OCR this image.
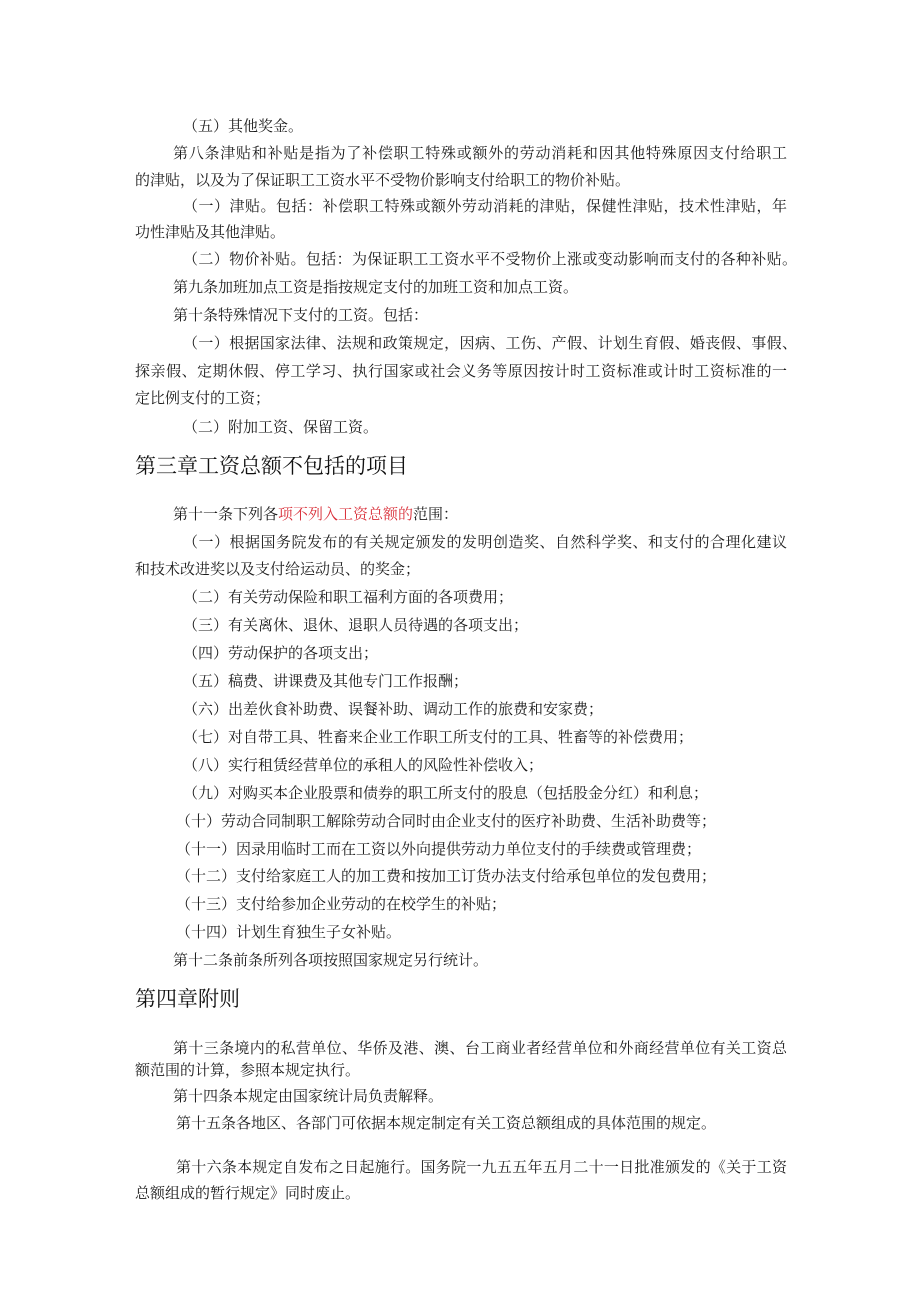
（五）其他奖金。
第八条津贴和补贴是指为了补偿职工特殊或额外的劳动消耗和因其他特殊原因支付给职工
的津贴，以及为了保证职工工资水平不受物价影响支付给职工的物价补贴。
（一）津贴。包括：补偿职工特殊或额外劳动消耗的津贴，保健性津贴，技术性津贴，年
功性津贴及其他津贴。
（二）物价补贴。包括：为保证职工工资水平不受物价上涨或变动影响而支付的各种补贴。
第九条加班加点工资是指按规定支付的加班工资和加点工资。
第十条特殊情况下支付的工资。包括：
（一）根据国家法律、法规和政策规定，因病、工伤、产假、计划生育假、婚丧假、事假、
探亲假、定期休假、停工学习、执行国家或社会义务等原因按计时工资标准或计时工资标准的一
定比例支付的工资；
（二）附加工资、保留工资。
第三章工资总额不包括的项目
第十一条下列各项不列入工资总额的范围：
（一）根据国务院发布的有关规定颁发的发明创造奖、自然科学奖、和支付的合理化建议
和技术改进奖以及支付给运动员、的奖金；
（二）有关劳动保险和职工福利方面的各项费用；
（三）有关离休、退休、退职人员待遇的各项支出；
（四）劳动保护的各项支出；
（五）稿费、讲课费及其他专门工作报酬；
（六）出差伙食补助费、误餐补助、调动工作的旅费和安家费；
（七）对自带工具、牲畜来企业工作职工所支付的工具、牲畜等的补偿费用；
（八）实行租赁经营单位的承租人的风险性补偿收入；
（九）对购买本企业股票和债券的职工所支付的股息（包括股金分红）和利息；
（十）劳动合同制职工解除劳动合同时由企业支付的医疗补助费、生活补助费等；
（十一）因录用临时工而在工资以外向提供劳动力单位支付的手续费或管理费；
（十二）支付给家庭工人的加工费和按加工订货办法支付给承包单位的发包费用；
（十三）支付给参加企业劳动的在校学生的补贴；
（十四）计划生育独生子女补贴。
第十二条前条所列各项按照国家规定另行统计。
第四章附则
第十三条境内的私营单位、华侨及港、澳、台工商业者经营单位和外商经营单位有关工资总
额范围的计算，参照本规定执行。
第十四条本规定由国家统计局负责解释。
第十五条各地区、各部门可依据本规定制定有关工资总额组成的具体范围的规定。
第十六条本规定自发布之日起施行。国务院一九五五年五月二十一日批准颁发的《关于工资
总额组成的暂行规定》同时废止。
